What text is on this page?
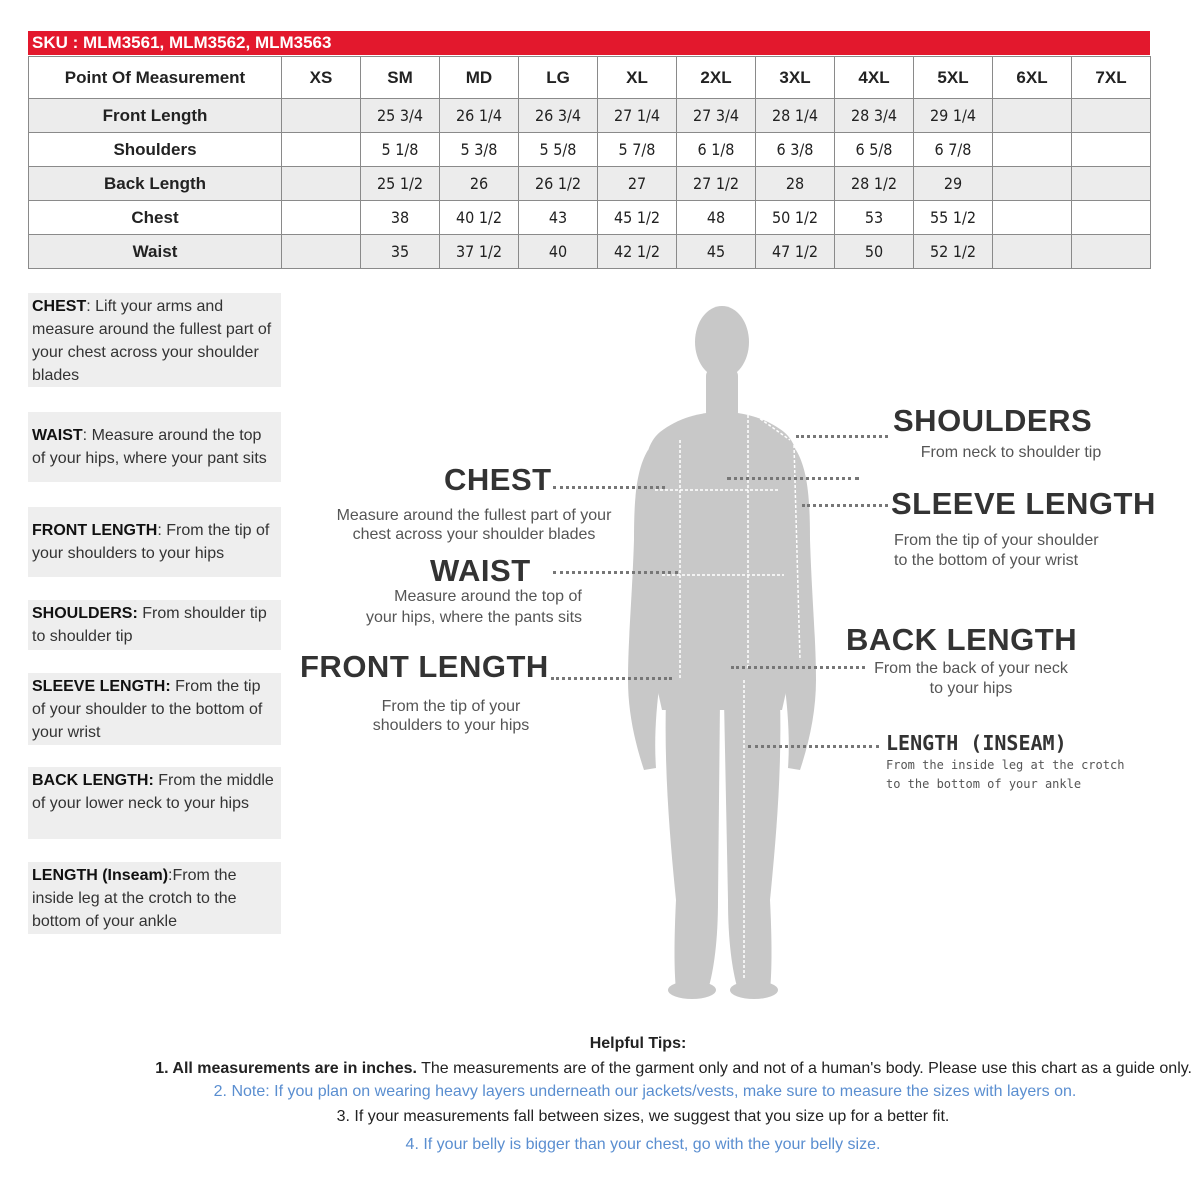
SKU : MLM3561, MLM3562, MLM3563
Point Of Measurement	XS	SM	MD	LG	XL	2XL	3XL	4XL	5XL	6XL	7XL
Front Length		25 3/4	26 1/4	26 3/4	27 1/4	27 3/4	28 1/4	28 3/4	29 1/4		
Shoulders		5 1/8	5 3/8	5 5/8	5 7/8	6 1/8	6 3/8	6 5/8	6 7/8		
Back Length		25 1/2	26	26 1/2	27	27 1/2	28	28 1/2	29		
Chest		38	40 1/2	43	45 1/2	48	50 1/2	53	55 1/2		
Waist		35	37 1/2	40	42 1/2	45	47 1/2	50	52 1/2		
CHEST: Lift your arms and measure around the fullest part of your chest across your shoulder blades
WAIST: Measure around the top of your hips, where your pant sits
FRONT LENGTH: From the tip of your shoulders to your hips
SHOULDERS: From shoulder tip to shoulder tip
SLEEVE LENGTH: From the tip of your shoulder to the bottom of your wrist
BACK LENGTH: From the middle of your lower neck to your hips
LENGTH (Inseam):From the inside leg at the crotch to the bottom of your ankle
CHEST
Measure around the fullest part of your
chest across your shoulder blades
WAIST
Measure around the top of
your hips, where the pants sits
FRONT LENGTH
From the tip of your
shoulders to your hips
SHOULDERS
From neck to shoulder tip
SLEEVE LENGTH
From the tip of your shoulder
to the bottom of your wrist
BACK LENGTH
From the back of your neck
to your hips
LENGTH (INSEAM)
From the inside leg at the crotch
to the bottom of your ankle
Helpful Tips:
1. All measurements are in inches. The measurements are of the garment only and not of a human's body. Please use this chart as a guide only.
2. Note: If you plan on wearing heavy layers underneath our jackets/vests, make sure to measure the sizes with layers on.
3. If your measurements fall between sizes, we suggest that you size up for a better fit.
4. If your belly is bigger than your chest, go with the your belly size.
